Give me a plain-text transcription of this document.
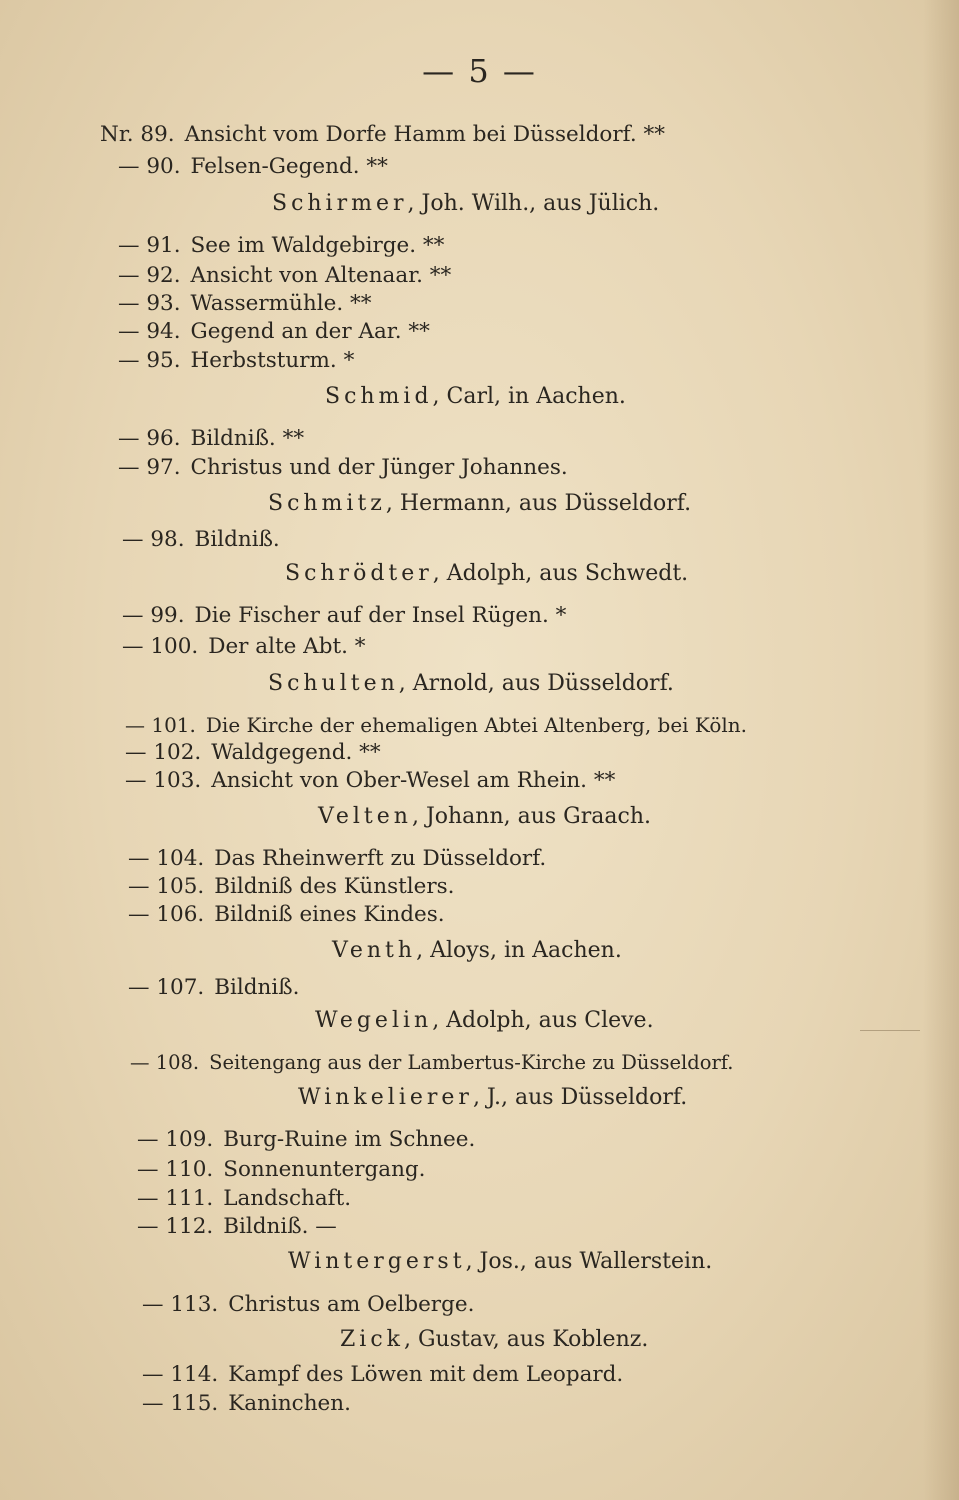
— 5 —
Nr. 89. Ansicht vom Dorfe Hamm bei Düsseldorf. **
— 90. Felsen-Gegend. **
Schirmer, Joh. Wilh., aus Jülich.
— 91. See im Waldgebirge. **
— 92. Ansicht von Altenaar. **
— 93. Wassermühle. **
— 94. Gegend an der Aar. **
— 95. Herbststurm. *
Schmid, Carl, in Aachen.
— 96. Bildniß. **
— 97. Christus und der Jünger Johannes.
Schmitz, Hermann, aus Düsseldorf.
— 98. Bildniß.
Schrödter, Adolph, aus Schwedt.
— 99. Die Fischer auf der Insel Rügen. *
— 100. Der alte Abt. *
Schulten, Arnold, aus Düsseldorf.
— 101. Die Kirche der ehemaligen Abtei Altenberg, bei Köln.
— 102. Waldgegend. **
— 103. Ansicht von Ober-Wesel am Rhein. **
Velten, Johann, aus Graach.
— 104. Das Rheinwerft zu Düsseldorf.
— 105. Bildniß des Künstlers.
— 106. Bildniß eines Kindes.
Venth, Aloys, in Aachen.
— 107. Bildniß.
Wegelin, Adolph, aus Cleve.
— 108. Seitengang aus der Lambertus-Kirche zu Düsseldorf.
Winkelierer, J., aus Düsseldorf.
— 109. Burg-Ruine im Schnee.
— 110. Sonnenuntergang.
— 111. Landschaft.
— 112. Bildniß. —
Wintergerst, Jos., aus Wallerstein.
— 113. Christus am Oelberge.
Zick, Gustav, aus Koblenz.
— 114. Kampf des Löwen mit dem Leopard.
— 115. Kaninchen.
